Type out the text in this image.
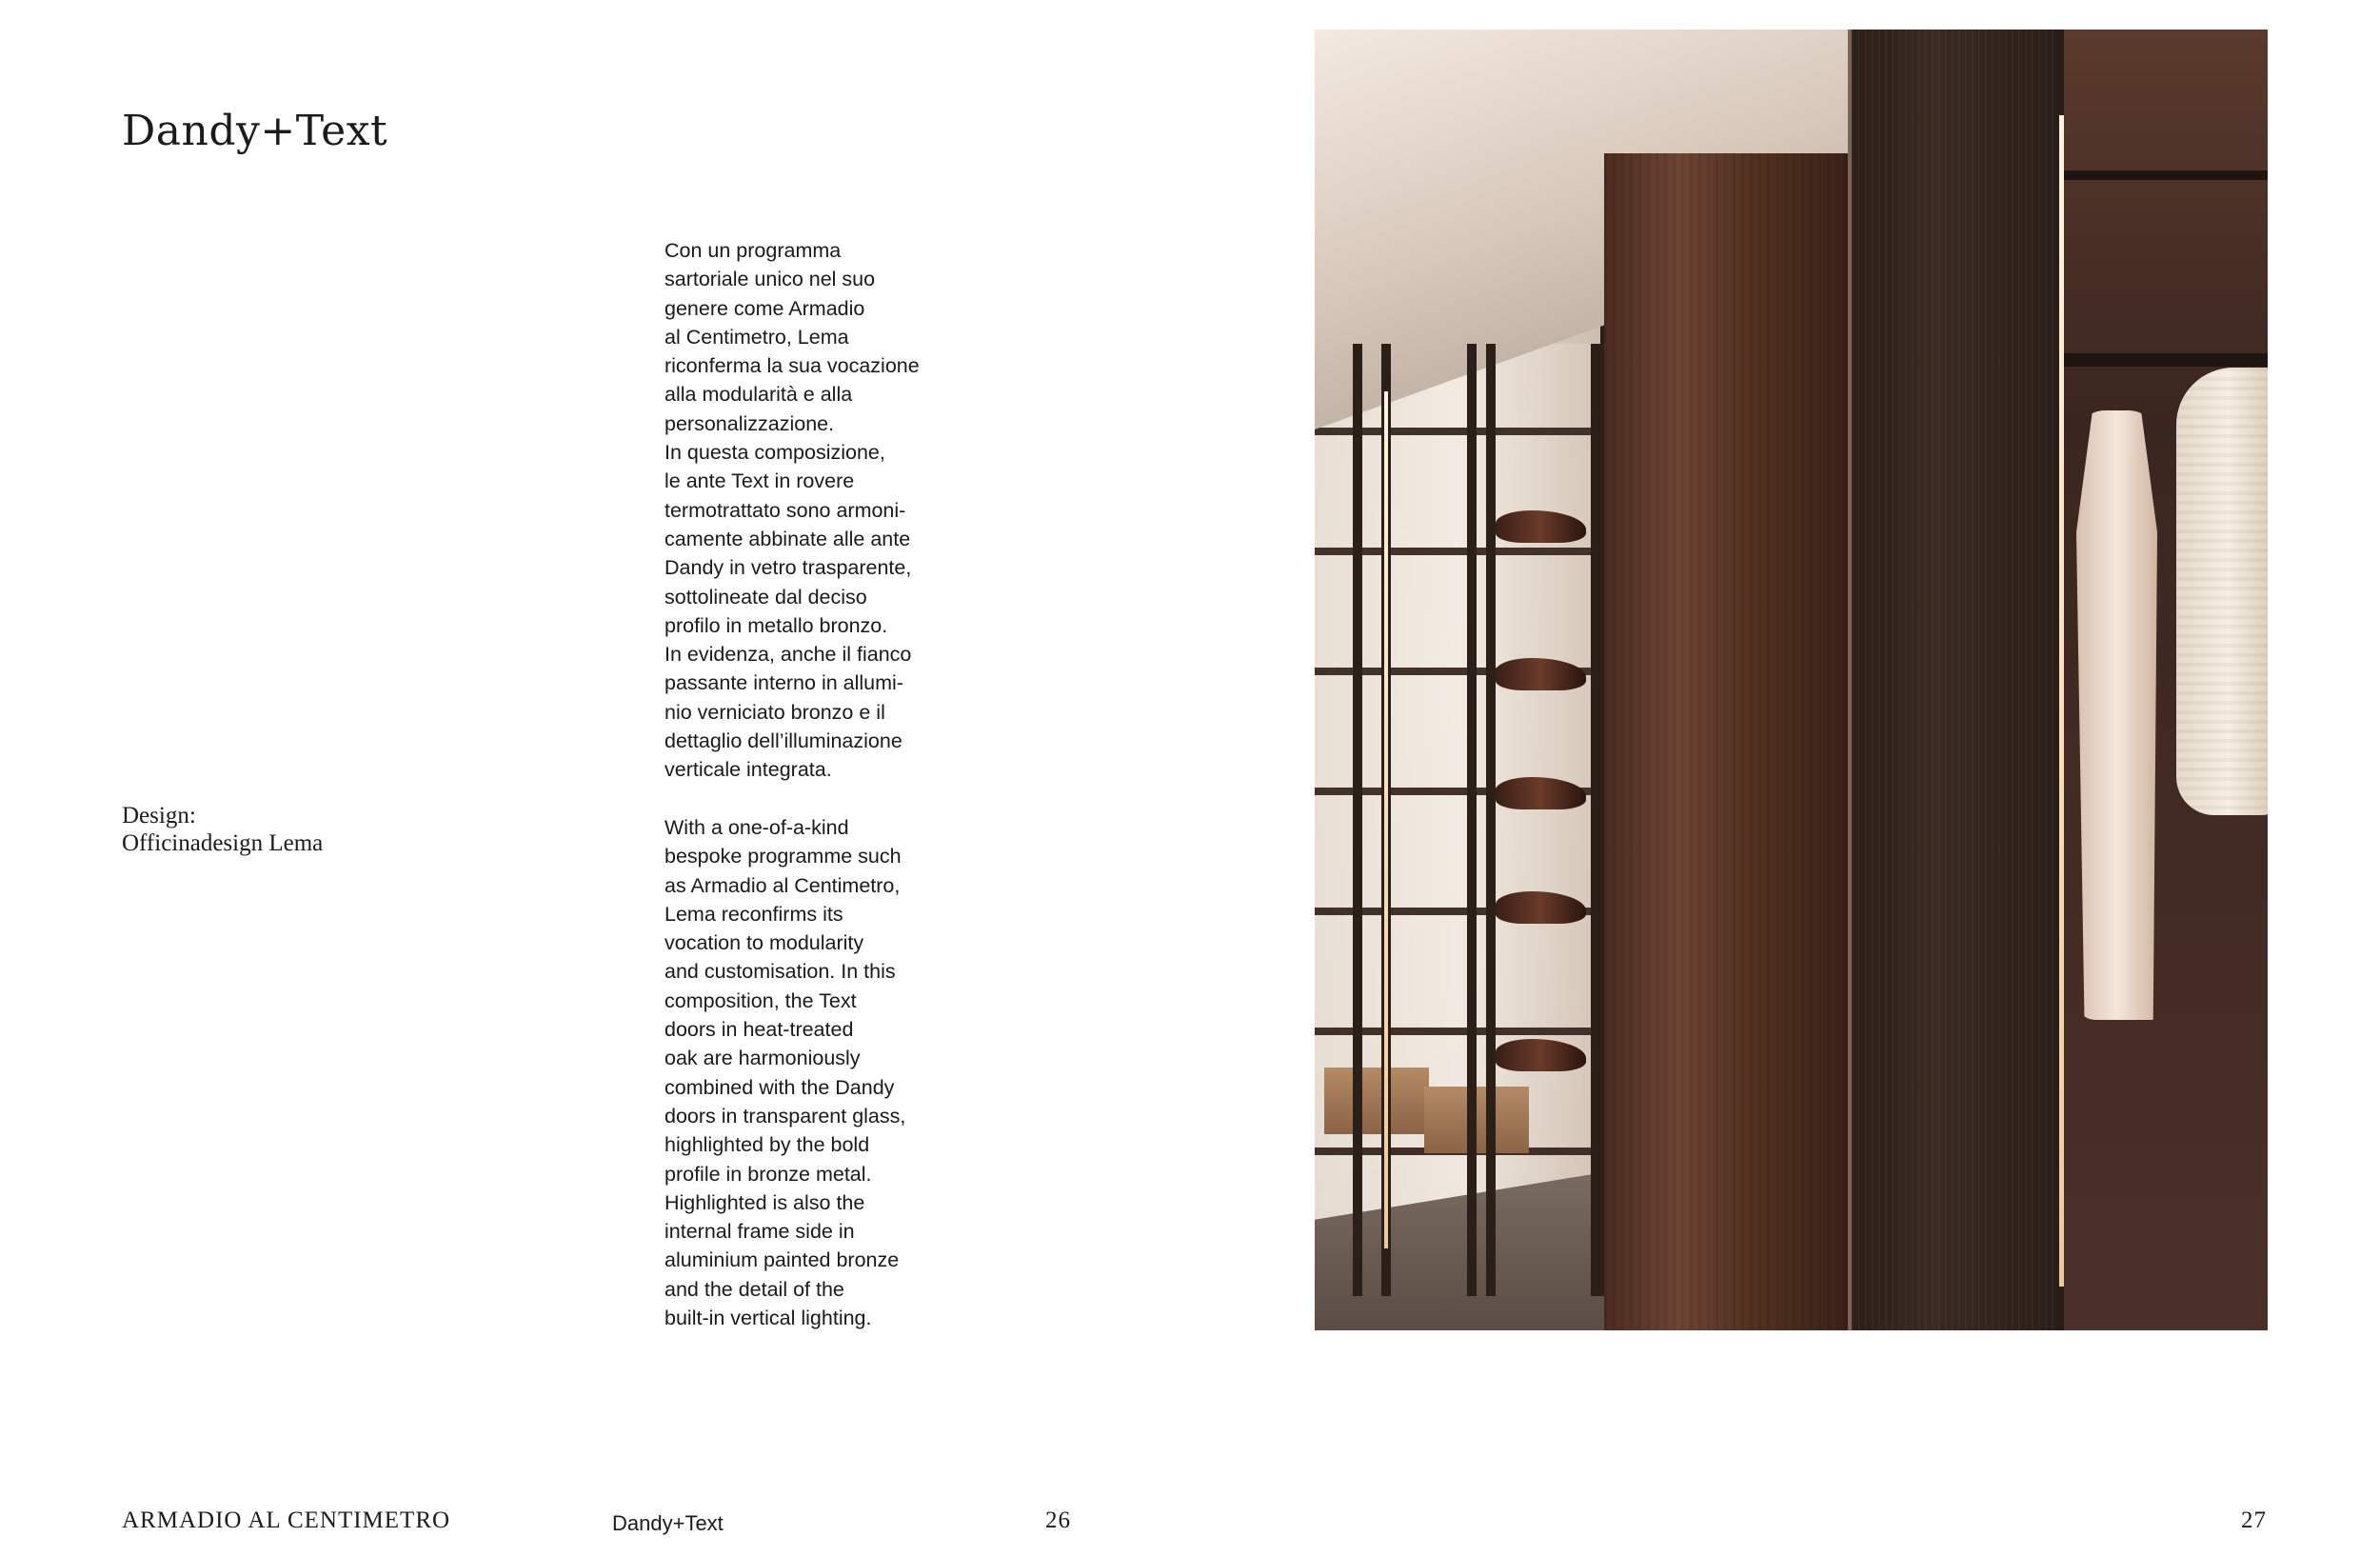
Dandy+Text
Design:
Officinadesign Lema
Con un programma
sartoriale unico nel suo
genere come Armadio
al Centimetro, Lema
riconferma la sua vocazione
alla modularità e alla
personalizzazione.
In questa composizione,
le ante Text in rovere
termotrattato sono armoni-
camente abbinate alle ante
Dandy in vetro trasparente,
sottolineate dal deciso
profilo in metallo bronzo.
In evidenza, anche il fianco
passante interno in allumi-
nio verniciato bronzo e il
dettaglio dell’illuminazione
verticale integrata.
With a one-of-a-kind
bespoke programme such
as Armadio al Centimetro,
Lema reconfirms its
vocation to modularity
and customisation. In this
composition, the Text
doors in heat-treated
oak are harmoniously
combined with the Dandy
doors in transparent glass,
highlighted by the bold
profile in bronze metal.
Highlighted is also the
internal frame side in
aluminium painted bronze
and the detail of the
built-in vertical lighting.
ARMADIO AL CENTIMETRO	Dandy+Text	26	27
